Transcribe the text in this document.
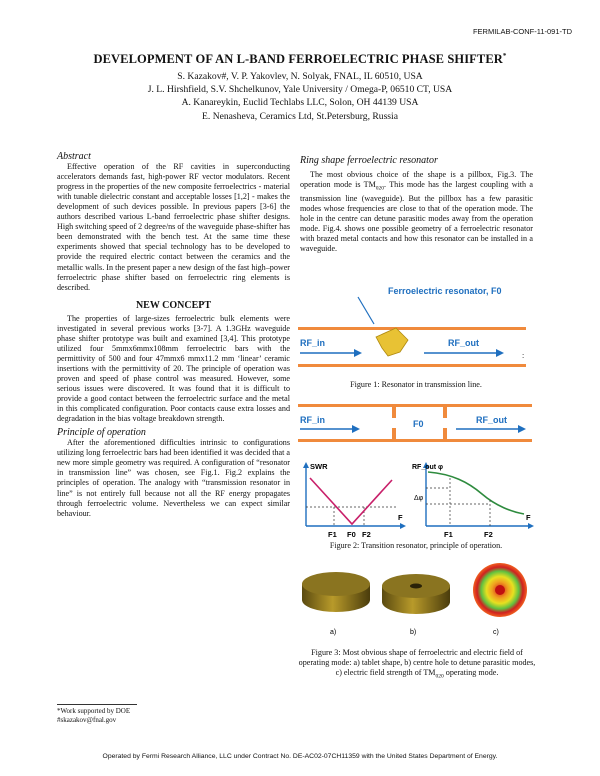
FERMILAB-CONF-11-091-TD
DEVELOPMENT OF AN L-BAND FERROELECTRIC PHASE SHIFTER*
S. Kazakov#, V. P. Yakovlev, N. Solyak, FNAL, IL 60510, USA
J. L. Hirshfield, S.V. Shchelkunov, Yale University / Omega-P, 06510 CT, USA
A. Kanareykin, Euclid Techlabs LLC, Solon, OH 44139 USA
E. Nenasheva, Ceramics Ltd, St.Petersburg, Russia
Abstract

Effective operation of the RF cavities in superconducting accelerators demands fast, high-power RF vector modulators. Recent progress in the properties of the new composite ferroelectrics - material with tunable dielectric constant and acceptable losses [1,2] - makes the development of such devices possible. In previous papers [3-6] the authors described various L-band ferroelectric phase shifter designs. High switching speed of 2 degree/ns of the waveguide phase-shifter has been demonstrated with the bench test. At the same time these experiments showed that special technology has to be developed to provide the required electric contact between the ceramics and the metallic walls. In the present paper a new design of the fast high–power ferroelectric phase shifter based on ferroelectric ring elements is described.

NEW CONCEPT

The properties of large-sizes ferroelectric bulk elements were investigated in several previous works [3-7]. A 1.3GHz waveguide phase shifter prototype was built and examined [3,4]. This prototype utilized four 5mmx6mmx108mm ferroelectric bars with the permittivity of 500 and four 47mmx6 mmx11.2 mm ‘linear’ ceramic insertions with the permittivity of 20. The principle of operation was proven and speed of phase control was measured. However, some serious issues were discovered. It was found that it is difficult to provide a good contact between the ferroelectric surface and the metal in this complicated configuration. Poor contacts cause extra losses and degradation in the bias voltage breakdown strength.

Principle of operation

After the aforementioned difficulties intrinsic to configurations utilizing long ferroelectric bars had been identified it was decided that a new more simple geometry was required. A configuration of “resonator in transmission line” was chosen, see Fig.1. Fig.2 explains the principles of operation. The analogy with “transmission resonator in line” is not entirely full because not all the RF energy propagates through ferroelectric volume. Nevertheless we can expect similar behaviour.

*Work supported by DOE
#skazakov@fnal.gov
Ring shape ferroelectric resonator

The most obvious choice of the shape is a pillbox, Fig.3. The operation mode is $TM_{020}$. This mode has the largest coupling with a transmission line (waveguide). But the pillbox has a few parasitic modes whose frequencies are close to that of the operation mode. The hole in the centre can detune parasitic modes away from the operation mode. Fig.4. shows one possible geometry of a ferroelectric resonator with brazed metal contacts and how this resonator can be installed in a waveguide.

Ferroelectric resonator, F0
RF_in	RF_out
:
Figure 1: Resonator in transmission line.
RF_in	F0	RF_out
SWR
F
F1 F0 F2
RF_out φ
F
Δφ
F1	F2
Figure 2: Transition resonator, principle of operation.
a)	b)	c)
Figure 3: Most obvious shape of ferroelectric and electric field of operating mode: a) tablet shape, b) centre hole to detune parasitic modes, c) electric field strength of $TM_{020}$ operating mode.
Operated by Fermi Research Alliance, LLC under Contract No. DE-AC02-07CH11359 with the United States Department of Energy.
